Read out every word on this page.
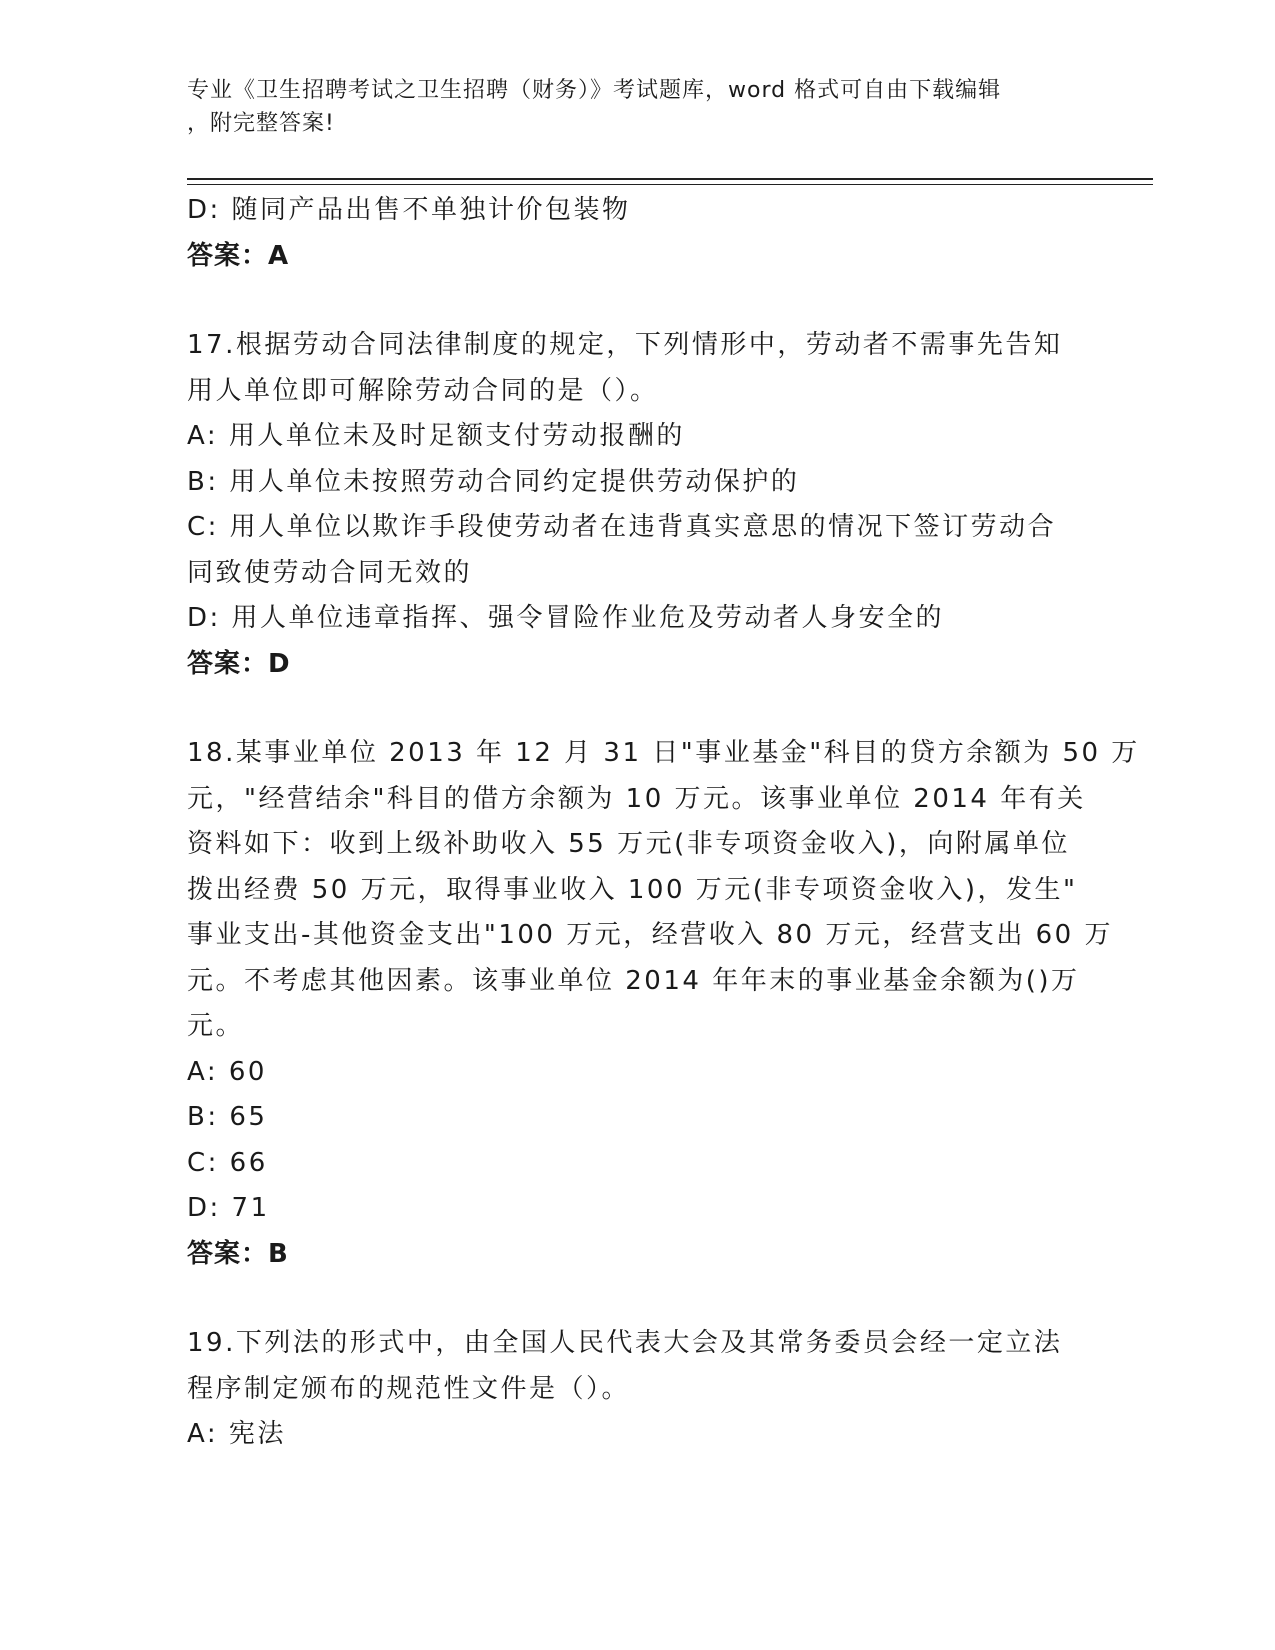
专业《卫生招聘考试之卫生招聘（财务）》考试题库，word 格式可自由下载编辑
，附完整答案!
D: 随同产品出售不单独计价包装物
答案：A
17.根据劳动合同法律制度的规定，下列情形中，劳动者不需事先告知
用人单位即可解除劳动合同的是（）。
A: 用人单位未及时足额支付劳动报酬的
B: 用人单位未按照劳动合同约定提供劳动保护的
C: 用人单位以欺诈手段使劳动者在违背真实意思的情况下签订劳动合
同致使劳动合同无效的
D: 用人单位违章指挥、强令冒险作业危及劳动者人身安全的
答案：D
18.某事业单位 2013 年 12 月 31 日"事业基金"科目的贷方余额为 50 万
元，"经营结余"科目的借方余额为 10 万元。该事业单位 2014 年有关
资料如下：收到上级补助收入 55 万元(非专项资金收入)，向附属单位
拨出经费 50 万元，取得事业收入 100 万元(非专项资金收入)，发生"
事业支出-其他资金支出"100 万元，经营收入 80 万元，经营支出 60 万
元。不考虑其他因素。该事业单位 2014 年年末的事业基金余额为()万
元。
A: 60
B: 65
C: 66
D: 71
答案：B
19.下列法的形式中，由全国人民代表大会及其常务委员会经一定立法
程序制定颁布的规范性文件是（）。
A: 宪法
